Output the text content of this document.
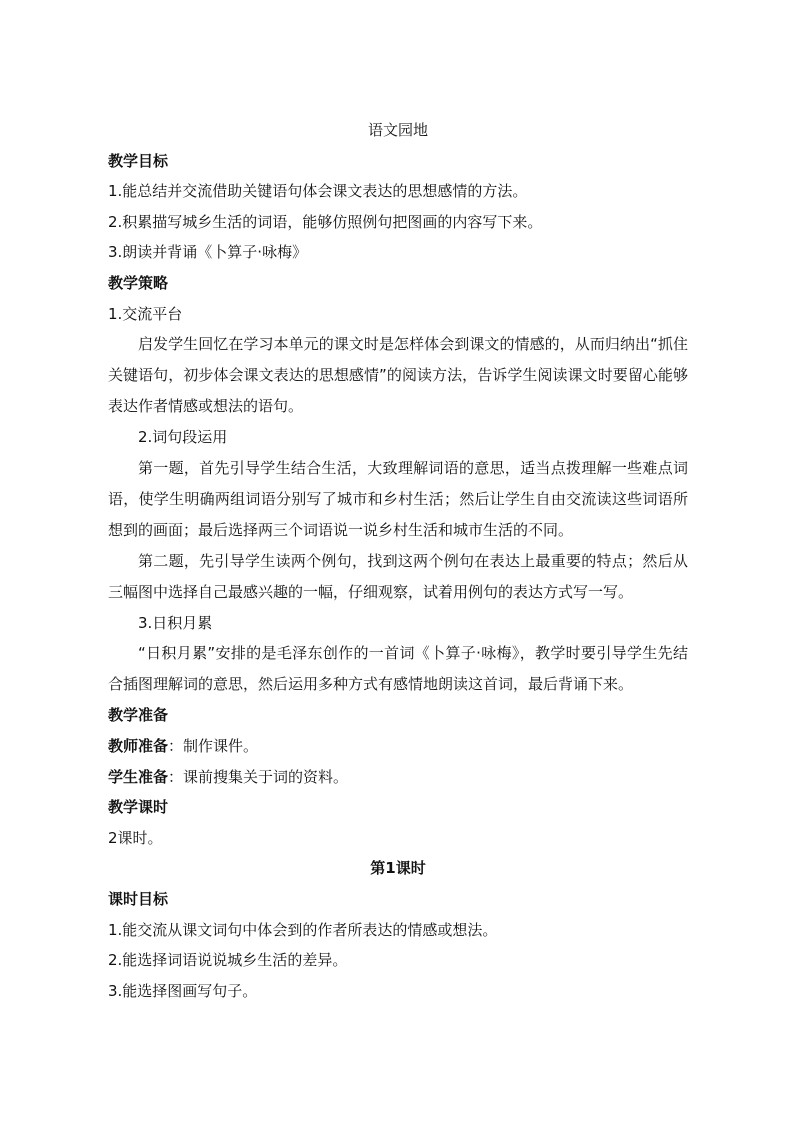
语文园地

教学目标

1.能总结并交流借助关键语句体会课文表达的思想感情的方法。

2.积累描写城乡生活的词语，能够仿照例句把图画的内容写下来。

3.朗读并背诵《卜算子·咏梅》

教学策略

1.交流平台

启发学生回忆在学习本单元的课文时是怎样体会到课文的情感的，从而归纳出“抓住关键语句，初步体会课文表达的思想感情”的阅读方法，告诉学生阅读课文时要留心能够表达作者情感或想法的语句。

2.词句段运用

第一题，首先引导学生结合生活，大致理解词语的意思，适当点拨理解一些难点词语，使学生明确两组词语分别写了城市和乡村生活；然后让学生自由交流读这些词语所想到的画面；最后选择两三个词语说一说乡村生活和城市生活的不同。

第二题，先引导学生读两个例句，找到这两个例句在表达上最重要的特点；然后从三幅图中选择自己最感兴趣的一幅，仔细观察，试着用例句的表达方式写一写。

3.日积月累

“日积月累”安排的是毛泽东创作的一首词《卜算子·咏梅》，教学时要引导学生先结合插图理解词的意思，然后运用多种方式有感情地朗读这首词，最后背诵下来。

教学准备

教师准备：制作课件。

学生准备：课前搜集关于词的资料。

教学课时

2课时。

第1课时

课时目标

1.能交流从课文词句中体会到的作者所表达的情感或想法。

2.能选择词语说说城乡生活的差异。

3.能选择图画写句子。
